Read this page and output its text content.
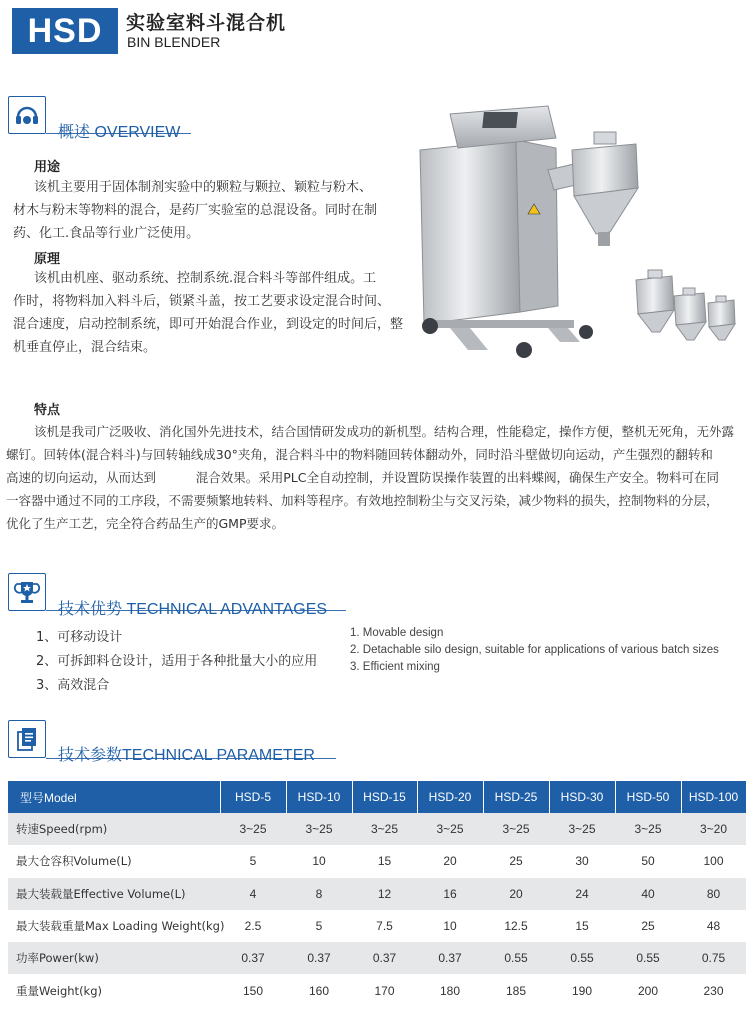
HSD	实验室料斗混合机
BIN BLENDER
概述 OVERVIEW
用途
该机主要用于固体制剂实验中的颗粒与颗拉、颖粒与粉木、
材木与粉末等物料的混合，是药厂实验室的总混设备。同时在制
药、化工.食品等行业广泛使用。
原理
该机由机座、驱动系统、控制系统.混合料斗等部件组成。工
作时，将物料加入料斗后，锁紧斗盖，按工艺要求设定混合时间、
混合速度，启动控制系统，即可开始混合作业，到设定的时间后，整
机垂直停止，混合结束。
特点
该机是我司广泛吸收、消化国外先进技术，结合国情研发成功的新机型。结构合理，性能稳定，操作方便，整机无死角，无外露
螺钉。回转体(混合料斗)与回转轴线成30°夹角，混合料斗中的物料随回转体翻动外，同时沿斗壁做切向运动，产生强烈的翻转和
高速的切向运动，从而达到          混合效果。采用PLC全自动控制，并设置防误操作装置的出料蝶阀，确保生产安全。物料可在同
一容器中通过不同的工序段，不需要频繁地转料、加料等程序。有效地控制粉尘与交叉污染，减少物料的损失，控制物料的分层，
优化了生产工艺，完全符合药品生产的GMP要求。
技术优势 TECHNICAL ADVANTAGES
1、可移动设计
2、可拆卸料仓设计，适用于各种批量大小的应用
3、高效混合
1. Movable design
2. Detachable silo design, suitable for applications of various batch sizes
3. Efficient mixing
技术参数TECHNICAL PARAMETER
型号Model	HSD-5	HSD-10	HSD-15	HSD-20	HSD-25	HSD-30	HSD-50	HSD-100
转速Speed(rpm)	3~25	3~25	3~25	3~25	3~25	3~25	3~25	3~20
最大仓容积Volume(L)	5	10	15	20	25	30	50	100
最大装载量Effective Volume(L)	4	8	12	16	20	24	40	80
最大装载重量Max Loading Weight(kg)	2.5	5	7.5	10	12.5	15	25	48
功率Power(kw)	0.37	0.37	0.37	0.37	0.55	0.55	0.55	0.75
重量Weight(kg)	150	160	170	180	185	190	200	230
